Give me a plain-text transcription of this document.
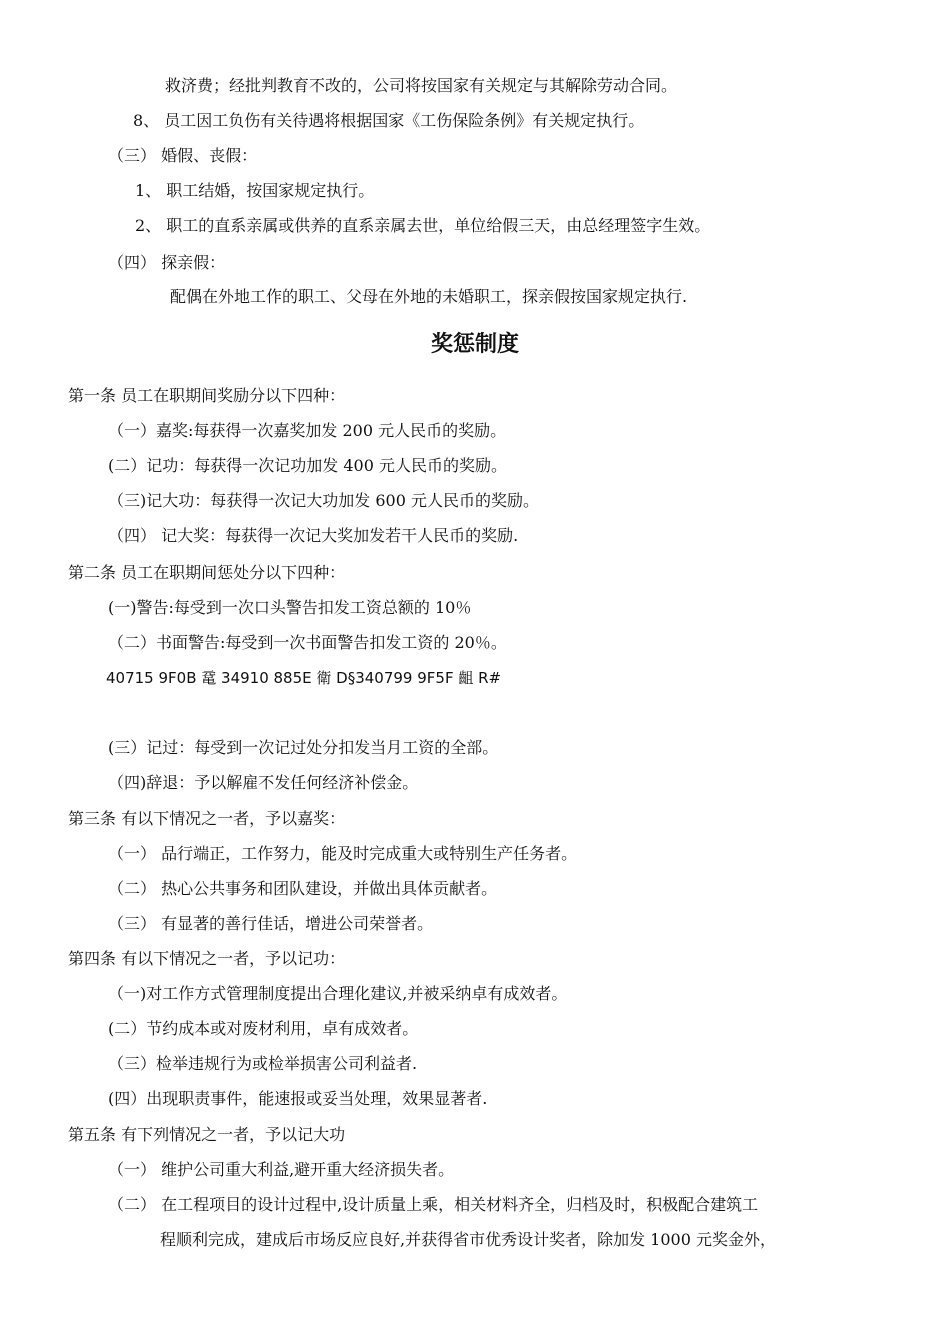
救济费；经批判教育不改的，公司将按国家有关规定与其解除劳动合同。
8、 员工因工负伤有关待遇将根据国家《工伤保险条例》有关规定执行。
（三） 婚假、丧假：
1、 职工结婚，按国家规定执行。
2、 职工的直系亲属或供养的直系亲属去世，单位给假三天，由总经理签字生效。
（四） 探亲假：
配偶在外地工作的职工、父母在外地的未婚职工，探亲假按国家规定执行.
奖惩制度
第一条 员工在职期间奖励分以下四种：
（一）嘉奖:每获得一次嘉奖加发 200 元人民币的奖励。
(二）记功：每获得一次记功加发 400 元人民币的奖励。
（三)记大功：每获得一次记大功加发 600 元人民币的奖励。
（四） 记大奖：每获得一次记大奖加发若干人民币的奖励.
第二条 员工在职期间惩处分以下四种：
(一)警告:每受到一次口头警告扣发工资总额的 10％
（二）书面警告:每受到一次书面警告扣发工资的 20％。
40715 9F0B 鼋 34910 885E 衛 D§340799 9F5F 齟 R#
(三）记过：每受到一次记过处分扣发当月工资的全部。
（四)辞退：予以解雇不发任何经济补偿金。
第三条 有以下情况之一者，予以嘉奖：
（一） 品行端正，工作努力，能及时完成重大或特别生产任务者。
（二） 热心公共事务和团队建设，并做出具体贡献者。
（三） 有显著的善行佳话，增进公司荣誉者。
第四条 有以下情况之一者，予以记功：
（一)对工作方式管理制度提出合理化建议,并被采纳卓有成效者。
(二）节约成本或对废材利用，卓有成效者。
（三）检举违规行为或检举损害公司利益者.
(四）出现职责事件，能速报或妥当处理，效果显著者.
第五条 有下列情况之一者，予以记大功
（一） 维护公司重大利益,避开重大经济损失者。
（二） 在工程项目的设计过程中,设计质量上乘，相关材料齐全，归档及时，积极配合建筑工
程顺利完成，建成后市场反应良好,并获得省市优秀设计奖者，除加发 1000 元奖金外，
